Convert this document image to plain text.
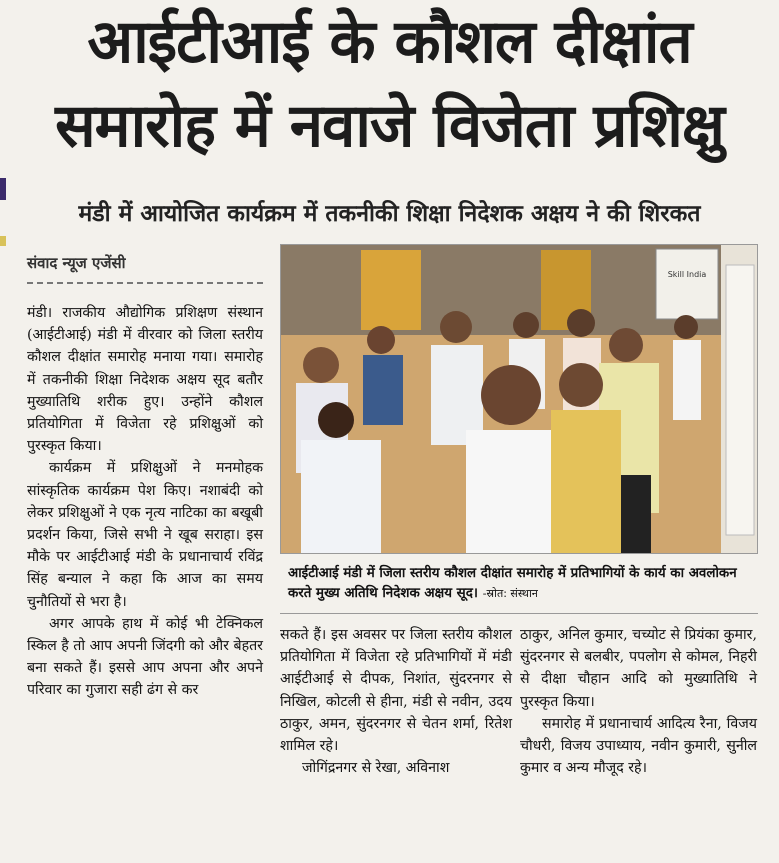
आईटीआई के कौशल दीक्षांत
समारोह में नवाजे विजेता प्रशिक्षु
मंडी में आयोजित कार्यक्रम में तकनीकी शिक्षा निदेशक अक्षय ने की शिरकत
संवाद न्यूज एजेंसी

मंडी। राजकीय औद्योगिक प्रशिक्षण संस्थान (आईटीआई) मंडी में वीरवार को जिला स्तरीय कौशल दीक्षांत समारोह मनाया गया। समारोह में तकनीकी शिक्षा निदेशक अक्षय सूद बतौर मुख्यातिथि शरीक हुए। उन्होंने कौशल प्रतियोगिता में विजेता रहे प्रशिक्षुओं को पुरस्कृत किया।

कार्यक्रम में प्रशिक्षुओं ने मनमोहक सांस्कृतिक कार्यक्रम पेश किए। नशाबंदी को लेकर प्रशिक्षुओं ने एक नृत्य नाटिका का बखूबी प्रदर्शन किया, जिसे सभी ने खूब सराहा। इस मौके पर आईटीआई मंडी के प्रधानाचार्य रविंद्र सिंह बन्याल ने कहा कि आज का समय चुनौतियों से भरा है।

अगर आपके हाथ में कोई भी टेक्निकल स्किल है तो आप अपनी जिंदगी को और बेहतर बना सकते हैं। इससे आप अपना और अपने परिवार का गुजारा सही ढंग से कर

Skill India
आईटीआई मंडी में जिला स्तरीय कौशल दीक्षांत समारोह में प्रतिभागियों के कार्य का अवलोकन करते मुख्य अतिथि निदेशक अक्षय सूद। -स्रोत: संस्थान

सकते हैं। इस अवसर पर जिला स्तरीय कौशल प्रतियोगिता में विजेता रहे प्रतिभागियों में मंडी आईटीआई से दीपक, निशांत, सुंदरनगर से निखिल, कोटली से हीना, मंडी से नवीन, उदय ठाकुर, अमन, सुंदरनगर से चेतन शर्मा, रितेश शामिल रहे।

जोगिंद्रनगर से रेखा, अविनाश

ठाकुर, अनिल कुमार, चच्योट से प्रियंका कुमार, सुंदरनगर से बलबीर, पपलोग से कोमल, निहरी से दीक्षा चौहान आदि को मुख्यातिथि ने पुरस्कृत किया।

समारोह में प्रधानाचार्य आदित्य रैना, विजय चौधरी, विजय उपाध्याय, नवीन कुमारी, सुनील कुमार व अन्य मौजूद रहे।
